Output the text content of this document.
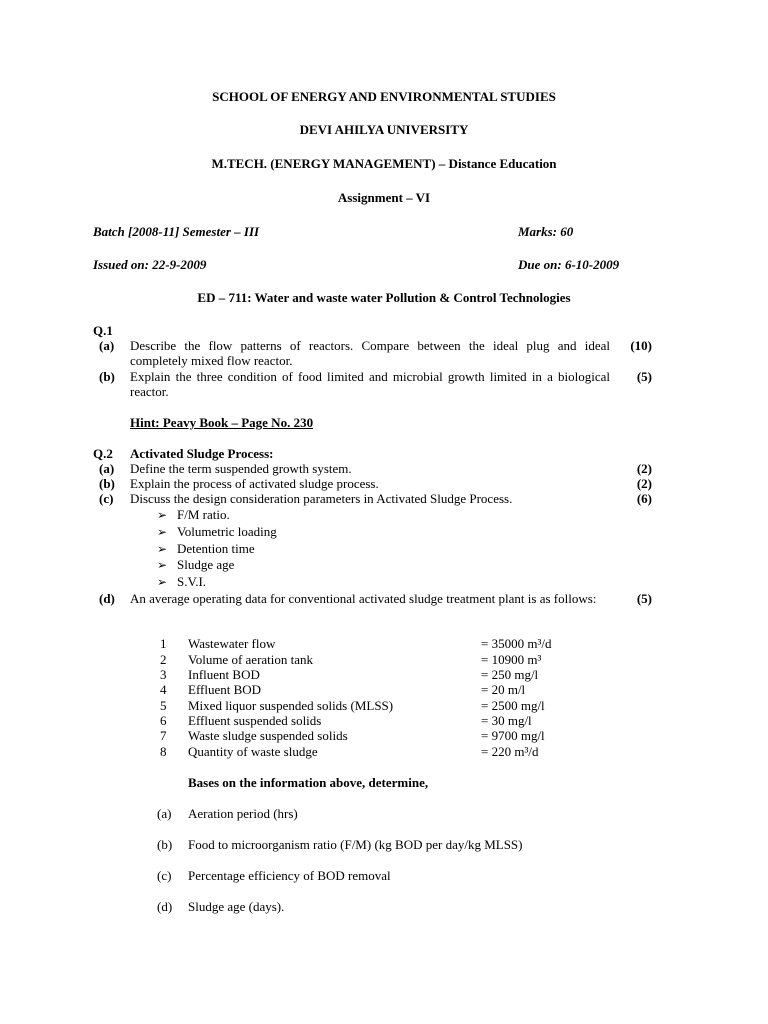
SCHOOL OF ENERGY AND ENVIRONMENTAL STUDIES
DEVI AHILYA UNIVERSITY
M.TECH. (ENERGY MANAGEMENT) – Distance Education
Assignment – VI
Batch [2008-11] Semester – III	Marks: 60
Issued on: 22-9-2009	Due on: 6-10-2009
ED – 711: Water and waste water Pollution & Control Technologies
Q.1
(a) Describe the flow patterns of reactors. Compare between the ideal plug and ideal completely mixed flow reactor.
(10)
(b) Explain the three condition of food limited and microbial growth limited in a biological reactor.
(5)
Hint: Peavy Book – Page No. 230
Q.2 Activated Sludge Process:
(a) Define the term suspended growth system.	(2)
(b) Explain the process of activated sludge process.	(2)
(c) Discuss the design consideration parameters in Activated Sludge Process.	(6)
➢ F/M ratio.
➢ Volumetric loading
➢ Detention time
➢ Sludge age
➢ S.V.I.
(d) An average operating data for conventional activated sludge treatment plant is as follows:	(5)
1 Wastewater flow	= 35000 m³/d
2 Volume of aeration tank	= 10900 m³
3 Influent BOD	= 250 mg/l
4 Effluent BOD	= 20 m/l
5 Mixed liquor suspended solids (MLSS)	= 2500 mg/l
6 Effluent suspended solids	= 30 mg/l
7 Waste sludge suspended solids	= 9700 mg/l
8 Quantity of waste sludge	= 220 m³/d
Bases on the information above, determine,
(a) Aeration period (hrs)
(b) Food to microorganism ratio (F/M) (kg BOD per day/kg MLSS)
(c) Percentage efficiency of BOD removal
(d) Sludge age (days).
